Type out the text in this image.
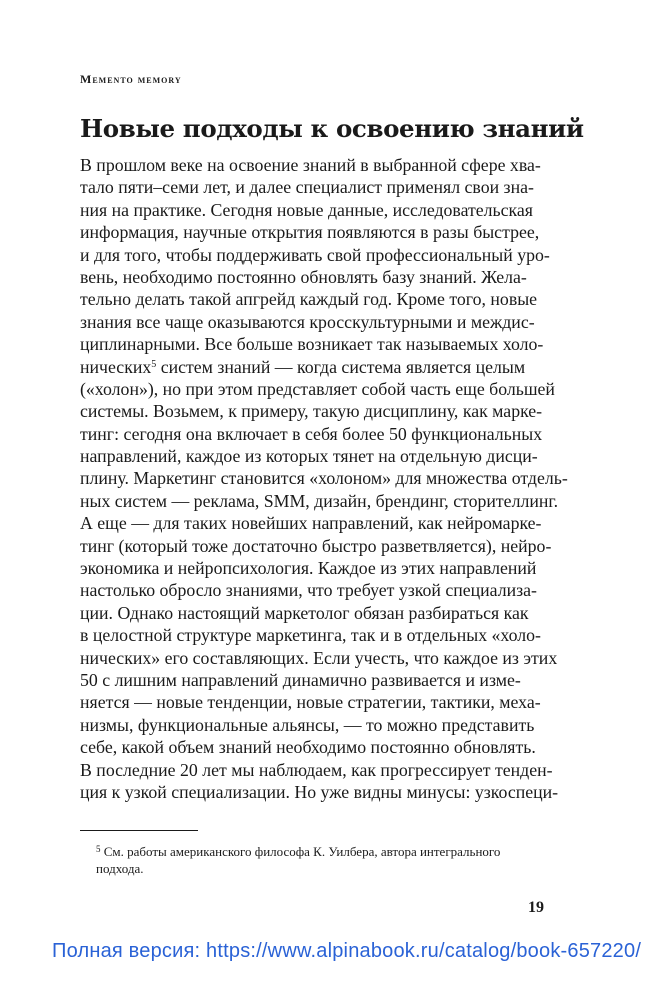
Memento memory
Новые подходы к освоению знаний
В прошлом веке на освоение знаний в выбранной сфере хва-
тало пяти–семи лет, и далее специалист применял свои зна-
ния на практике. Сегодня новые данные, исследовательская
информация, научные открытия появляются в разы быстрее,
и для того, чтобы поддерживать свой профессиональный уро-
вень, необходимо постоянно обновлять базу знаний. Жела-
тельно делать такой апгрейд каждый год. Кроме того, новые
знания все чаще оказываются кросскультурными и междис-
циплинарными. Все больше возникает так называемых холо-
нических$^5$ систем знаний — когда система является целым
(«холон»), но при этом представляет собой часть еще большей
системы. Возьмем, к примеру, такую дисциплину, как марке-
тинг: сегодня она включает в себя более 50 функциональных
направлений, каждое из которых тянет на отдельную дисци-
плину. Маркетинг становится «холоном» для множества отдель-
ных систем — реклама, SMM, дизайн, брендинг, сторителлинг.
А еще — для таких новейших направлений, как нейромарке-
тинг (который тоже достаточно быстро разветвляется), нейро-
экономика и нейропсихология. Каждое из этих направлений
настолько обросло знаниями, что требует узкой специализа-
ции. Однако настоящий маркетолог обязан разбираться как
в целостной структуре маркетинга, так и в отдельных «холо-
нических» его составляющих. Если учесть, что каждое из этих
50 с лишним направлений динамично развивается и изме-
няется — новые тенденции, новые стратегии, тактики, меха-
низмы, функциональные альянсы, — то можно представить
себе, какой объем знаний необходимо постоянно обновлять.
В последние 20 лет мы наблюдаем, как прогрессирует тенден-
ция к узкой специализации. Но уже видны минусы: узкоспеци-
$^5$ См. работы американского философа К. Уилбера, автора интегрального
подхода.
19
Полная версия: https://www.alpinabook.ru/catalog/book-657220/
